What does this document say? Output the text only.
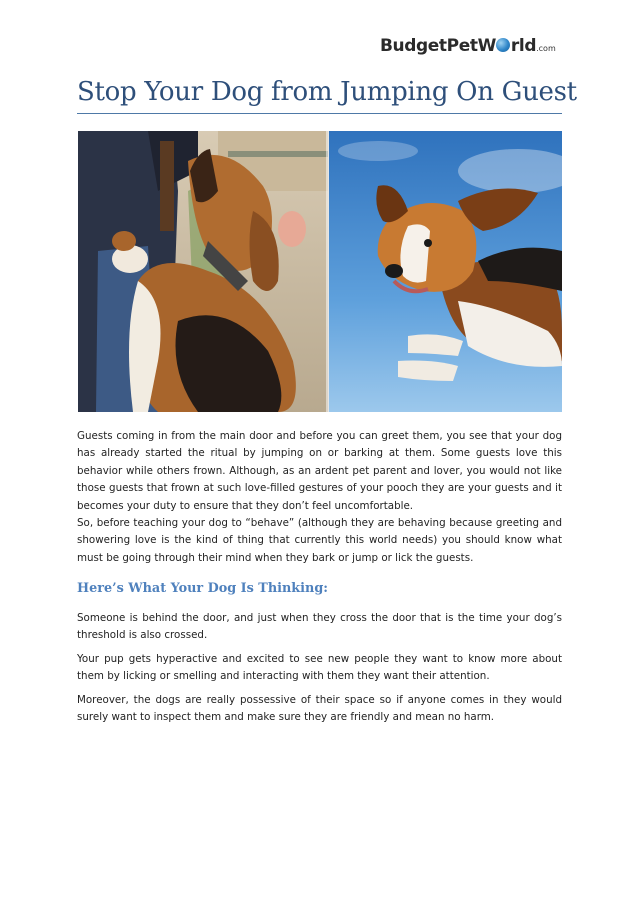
BudgetPetW rld.com
Stop Your Dog from Jumping On Guest

Guests coming in from the main door and before you can greet them, you see that your dog has already started the ritual by jumping on or barking at them. Some guests love this behavior while others frown. Although, as an ardent pet parent and lover, you would not like those guests that frown at such love-filled gestures of your pooch they are your guests and it becomes your duty to ensure that they don’t feel uncomfortable.

So, before teaching your dog to “behave” (although they are behaving because greeting and showering love is the kind of thing that currently this world needs) you should know what must be going through their mind when they bark or jump or lick the guests.

Here’s What Your Dog Is Thinking:

Someone is behind the door, and just when they cross the door that is the time your dog’s threshold is also crossed.

Your pup gets hyperactive and excited to see new people they want to know more about them by licking or smelling and interacting with them they want their attention.

Moreover, the dogs are really possessive of their space so if anyone comes in they would surely want to inspect them and make sure they are friendly and mean no harm.
